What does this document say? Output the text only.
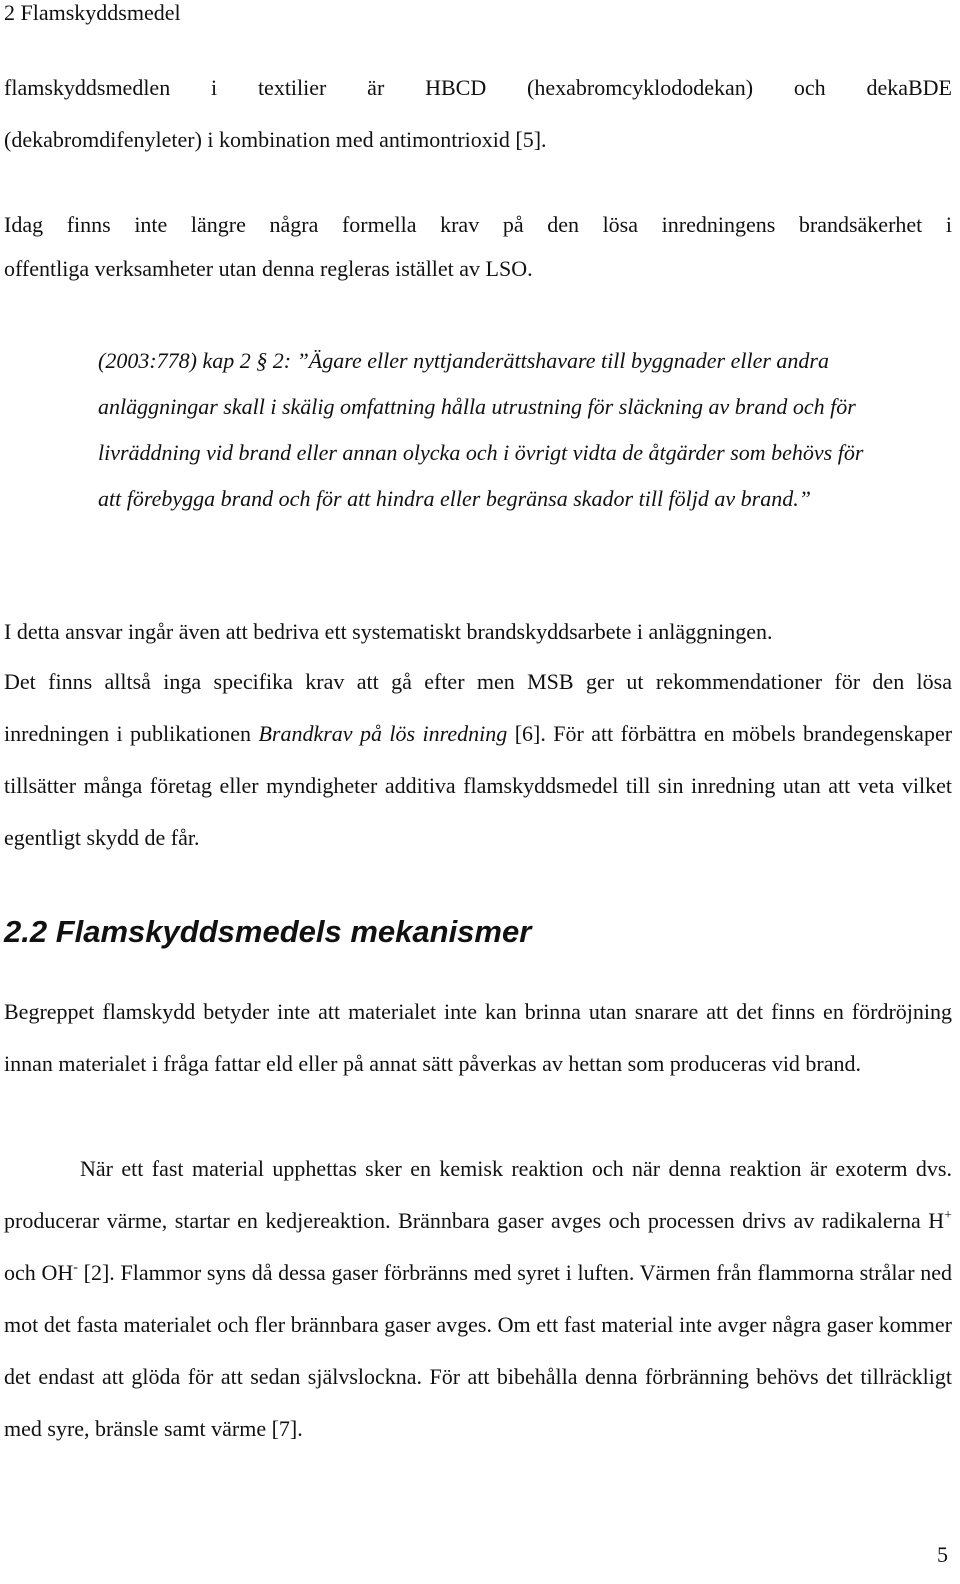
2 Flamskyddsmedel

flamskyddsmedlen i textilier är HBCD (hexabromcyklododekan) och dekaBDE

(dekabromdifenyleter) i kombination med antimontrioxid [5].

Idag finns inte längre några formella krav på den lösa inredningens brandsäkerhet i

offentliga verksamheter utan denna regleras istället av LSO.

(2003:778) kap 2 § 2: ”Ägare eller nyttjanderättshavare till byggnader eller andra anläggningar skall i skälig omfattning hålla utrustning för släckning av brand och för livräddning vid brand eller annan olycka och i övrigt vidta de åtgärder som behövs för att förebygga brand och för att hindra eller begränsa skador till följd av brand.”

I detta ansvar ingår även att bedriva ett systematiskt brandskyddsarbete i anläggningen.

Det finns alltså inga specifika krav att gå efter men MSB ger ut rekommendationer för den lösa inredningen i publikationen Brandkrav på lös inredning [6]. För att förbättra en möbels brandegenskaper tillsätter många företag eller myndigheter additiva flamskyddsmedel till sin inredning utan att veta vilket egentligt skydd de får.

2.2 Flamskyddsmedels mekanismer

Begreppet flamskydd betyder inte att materialet inte kan brinna utan snarare att det finns en fördröjning innan materialet i fråga fattar eld eller på annat sätt påverkas av hettan som produceras vid brand.

När ett fast material upphettas sker en kemisk reaktion och när denna reaktion är exoterm dvs. producerar värme, startar en kedjereaktion. Brännbara gaser avges och processen drivs av radikalerna H+ och OH- [2]. Flammor syns då dessa gaser förbränns med syret i luften. Värmen från flammorna strålar ned mot det fasta materialet och fler brännbara gaser avges. Om ett fast material inte avger några gaser kommer det endast att glöda för att sedan självslockna. För att bibehålla denna förbränning behövs det tillräckligt med syre, bränsle samt värme [7].

5
